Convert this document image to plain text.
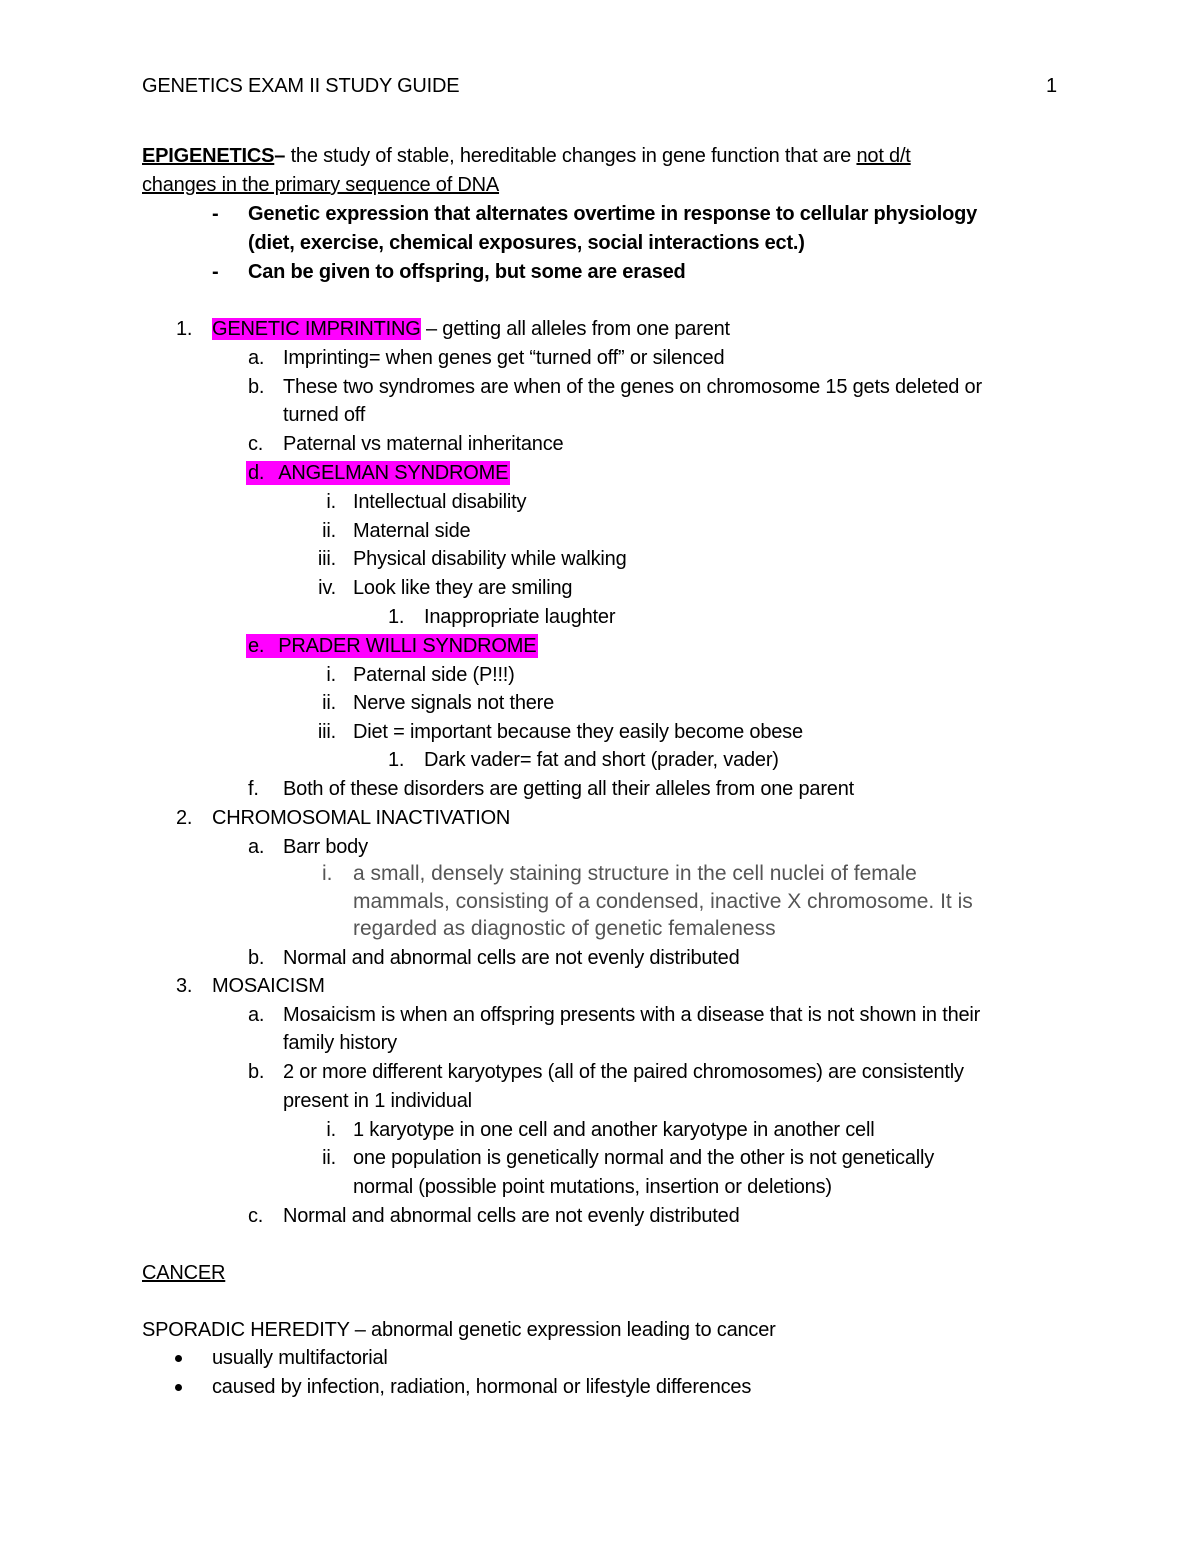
GENETICS EXAM II STUDY GUIDE	1
EPIGENETICS– the study of stable, hereditable changes in gene function that are not d/t
changes in the primary sequence of DNA
- Genetic expression that alternates overtime in response to cellular physiology
(diet, exercise, chemical exposures, social interactions ect.)
- Can be given to offspring, but some are erased
1. GENETIC IMPRINTING – getting all alleles from one parent
a. Imprinting= when genes get “turned off” or silenced
b. These two syndromes are when of the genes on chromosome 15 gets deleted or
turned off
c. Paternal vs maternal inheritance
d. ANGELMAN SYNDROME
i. Intellectual disability
ii. Maternal side
iii. Physical disability while walking
iv. Look like they are smiling
1. Inappropriate laughter
e. PRADER WILLI SYNDROME
i. Paternal side (P!!!)
ii. Nerve signals not there
iii. Diet = important because they easily become obese
1. Dark vader= fat and short (prader, vader)
f. Both of these disorders are getting all their alleles from one parent
2. CHROMOSOMAL INACTIVATION
a. Barr body
i. a small, densely staining structure in the cell nuclei of female
mammals, consisting of a condensed, inactive X chromosome. It is
regarded as diagnostic of genetic femaleness
b. Normal and abnormal cells are not evenly distributed
3. MOSAICISM
a. Mosaicism is when an offspring presents with a disease that is not shown in their
family history
b. 2 or more different karyotypes (all of the paired chromosomes) are consistently
present in 1 individual
i. 1 karyotype in one cell and another karyotype in another cell
ii. one population is genetically normal and the other is not genetically
normal (possible point mutations, insertion or deletions)
c. Normal and abnormal cells are not evenly distributed
CANCER
SPORADIC HEREDITY – abnormal genetic expression leading to cancer
usually multifactorial
caused by infection, radiation, hormonal or lifestyle differences
